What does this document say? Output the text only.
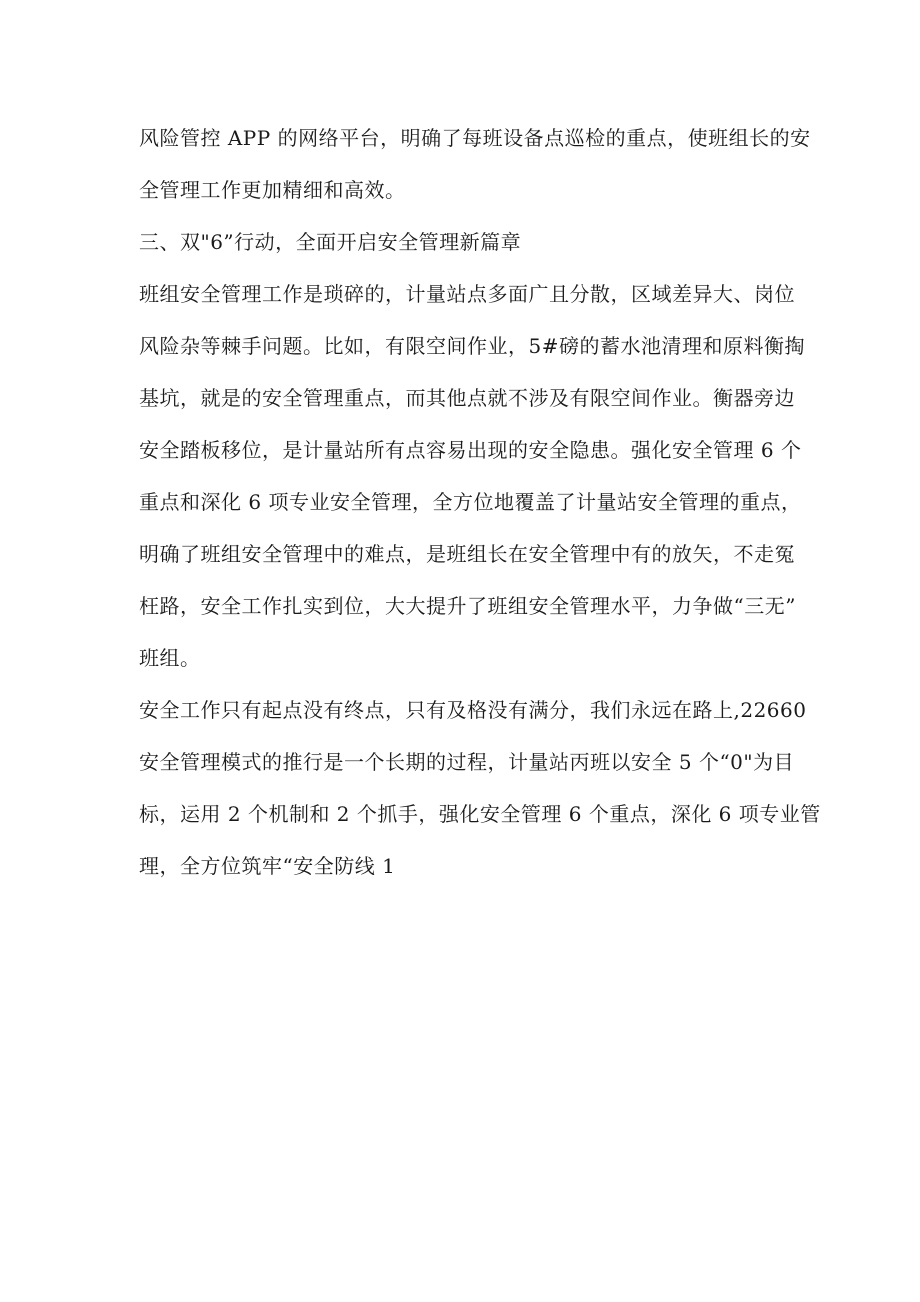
风险管控 APP 的网络平台，明确了每班设备点巡检的重点，使班组长的安
全管理工作更加精细和高效。
三、双"6”行动，全面开启安全管理新篇章
班组安全管理工作是琐碎的，计量站点多面广且分散，区域差异大、岗位
风险杂等棘手问题。比如，有限空间作业，5#磅的蓄水池清理和原料衡掏
基坑，就是的安全管理重点，而其他点就不涉及有限空间作业。衡器旁边
安全踏板移位，是计量站所有点容易出现的安全隐患。强化安全管理 6 个
重点和深化 6 项专业安全管理，全方位地覆盖了计量站安全管理的重点，
明确了班组安全管理中的难点，是班组长在安全管理中有的放矢，不走冤
枉路，安全工作扎实到位，大大提升了班组安全管理水平，力争做“三无”
班组。
安全工作只有起点没有终点，只有及格没有满分，我们永远在路上,22660
安全管理模式的推行是一个长期的过程，计量站丙班以安全 5 个“0"为目
标，运用 2 个机制和 2 个抓手，强化安全管理 6 个重点，深化 6 项专业管
理，全方位筑牢“安全防线 1
